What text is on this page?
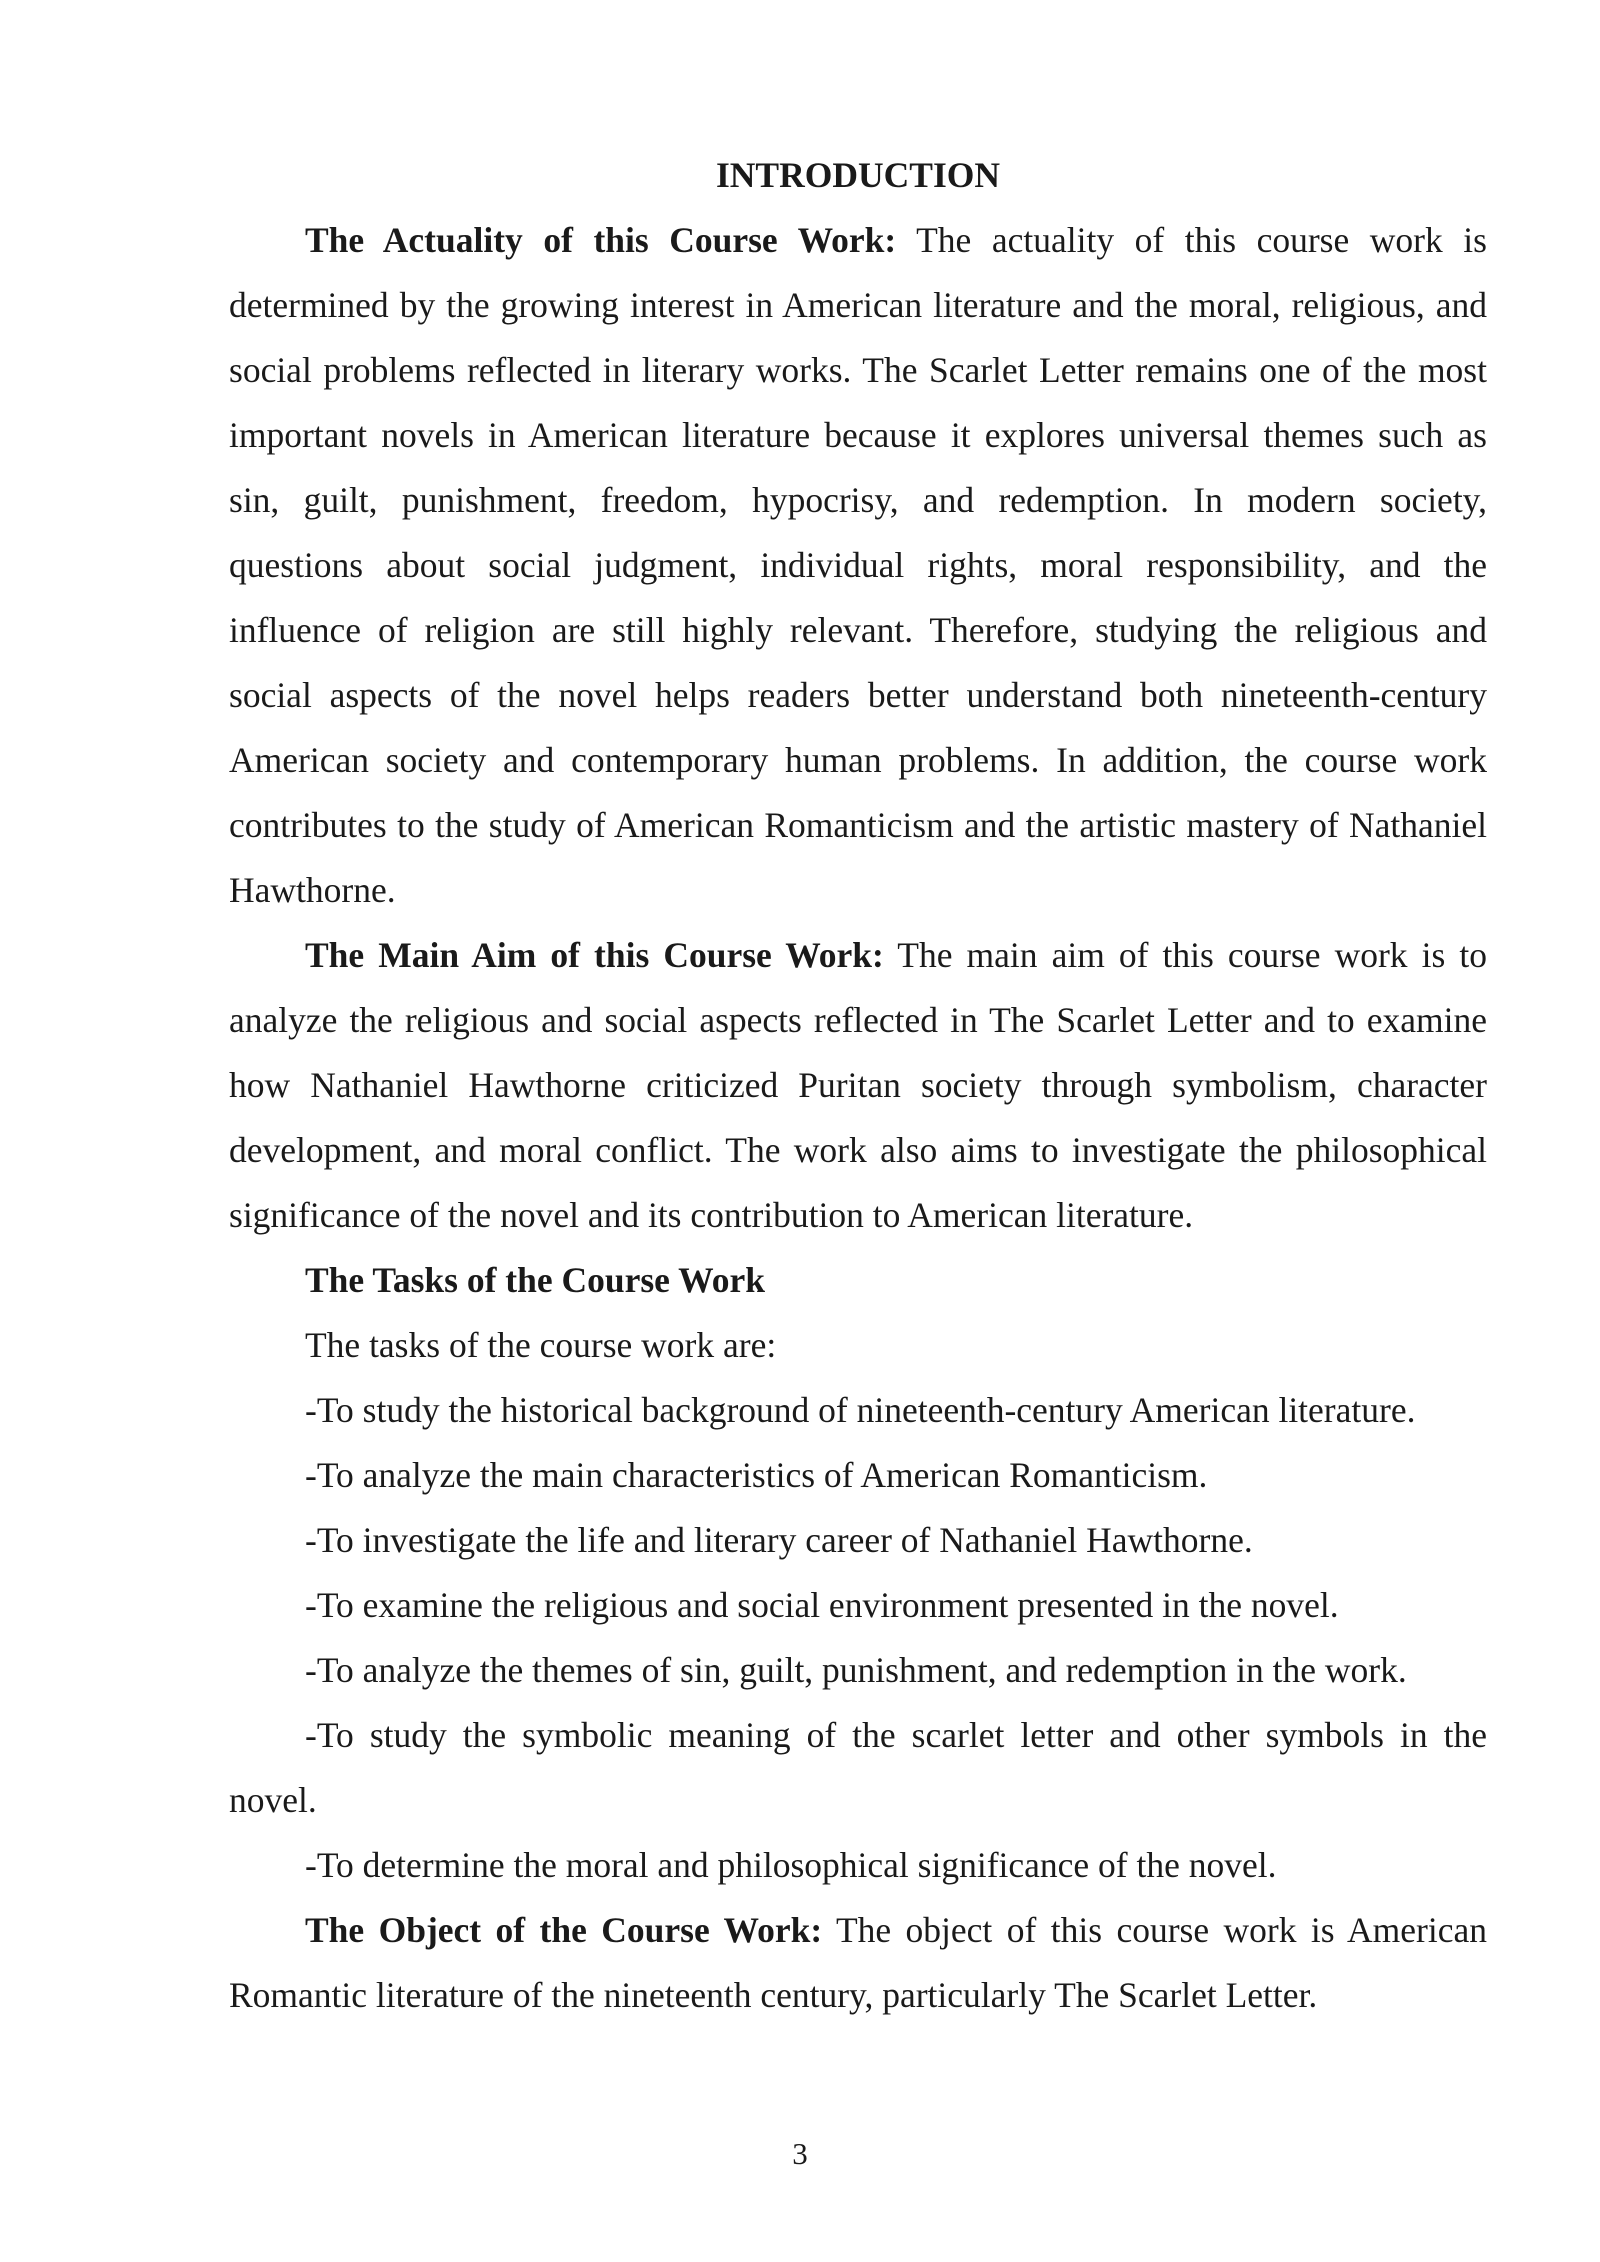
INTRODUCTION

The Actuality of this Course Work: The actuality of this course work is determined by the growing interest in American literature and the moral, religious, and social problems reflected in literary works. The Scarlet Letter remains one of the most important novels in American literature because it explores universal themes such as sin, guilt, punishment, freedom, hypocrisy, and redemption. In modern society, questions about social judgment, individual rights, moral responsibility, and the influence of religion are still highly relevant. Therefore, studying the religious and social aspects of the novel helps readers better understand both nineteenth-century American society and contemporary human problems. In addition, the course work contributes to the study of American Romanticism and the artistic mastery of Nathaniel Hawthorne.

The Main Aim of this Course Work: The main aim of this course work is to analyze the religious and social aspects reflected in The Scarlet Letter and to examine how Nathaniel Hawthorne criticized Puritan society through symbolism, character development, and moral conflict. The work also aims to investigate the philosophical significance of the novel and its contribution to American literature.

The Tasks of the Course Work

The tasks of the course work are:

-To study the historical background of nineteenth-century American literature.

-To analyze the main characteristics of American Romanticism.

-To investigate the life and literary career of Nathaniel Hawthorne.

-To examine the religious and social environment presented in the novel.

-To analyze the themes of sin, guilt, punishment, and redemption in the work.

-To study the symbolic meaning of the scarlet letter and other symbols in the novel.

-To determine the moral and philosophical significance of the novel.

The Object of the Course Work: The object of this course work is American Romantic literature of the nineteenth century, particularly The Scarlet Letter.

3
